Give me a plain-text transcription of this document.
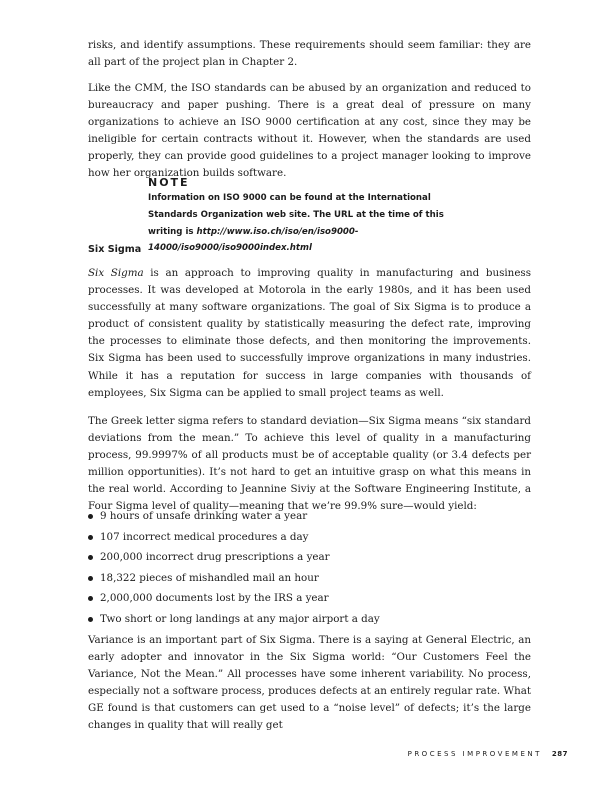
risks, and identify assumptions. These requirements should seem familiar: they are all part of the project plan in Chapter 2.

Like the CMM, the ISO standards can be abused by an organization and reduced to bureaucracy and paper pushing. There is a great deal of pressure on many organizations to achieve an ISO 9000 certification at any cost, since they may be ineligible for certain contracts without it. However, when the standards are used properly, they can provide good guidelines to a project manager looking to improve how her organization builds software.

NOTE

Information on ISO 9000 can be found at the International Standards Organization web site. The URL at the time of this writing is http://www.iso.ch/iso/en/iso9000-14000/iso9000/iso9000index.html

Six Sigma

Six Sigma is an approach to improving quality in manufacturing and business processes. It was developed at Motorola in the early 1980s, and it has been used successfully at many software organizations. The goal of Six Sigma is to produce a product of consistent quality by statistically measuring the defect rate, improving the processes to eliminate those defects, and then monitoring the improvements. Six Sigma has been used to successfully improve organizations in many industries. While it has a reputation for success in large companies with thousands of employees, Six Sigma can be applied to small project teams as well.

The Greek letter sigma refers to standard deviation—Six Sigma means “six standard deviations from the mean.” To achieve this level of quality in a manufacturing process, 99.9997% of all products must be of acceptable quality (or 3.4 defects per million opportunities). It’s not hard to get an intuitive grasp on what this means in the real world. According to Jeannine Siviy at the Software Engineering Institute, a Four Sigma level of quality—meaning that we’re 99.9% sure—would yield:

9 hours of unsafe drinking water a year
107 incorrect medical procedures a day
200,000 incorrect drug prescriptions a year
18,322 pieces of mishandled mail an hour
2,000,000 documents lost by the IRS a year
Two short or long landings at any major airport a day

Variance is an important part of Six Sigma. There is a saying at General Electric, an early adopter and innovator in the Six Sigma world: “Our Customers Feel the Variance, Not the Mean.” All processes have some inherent variability. No process, especially not a software process, produces defects at an entirely regular rate. What GE found is that customers can get used to a “noise level” of defects; it’s the large changes in quality that will really get

PROCESS IMPROVEMENT 287
